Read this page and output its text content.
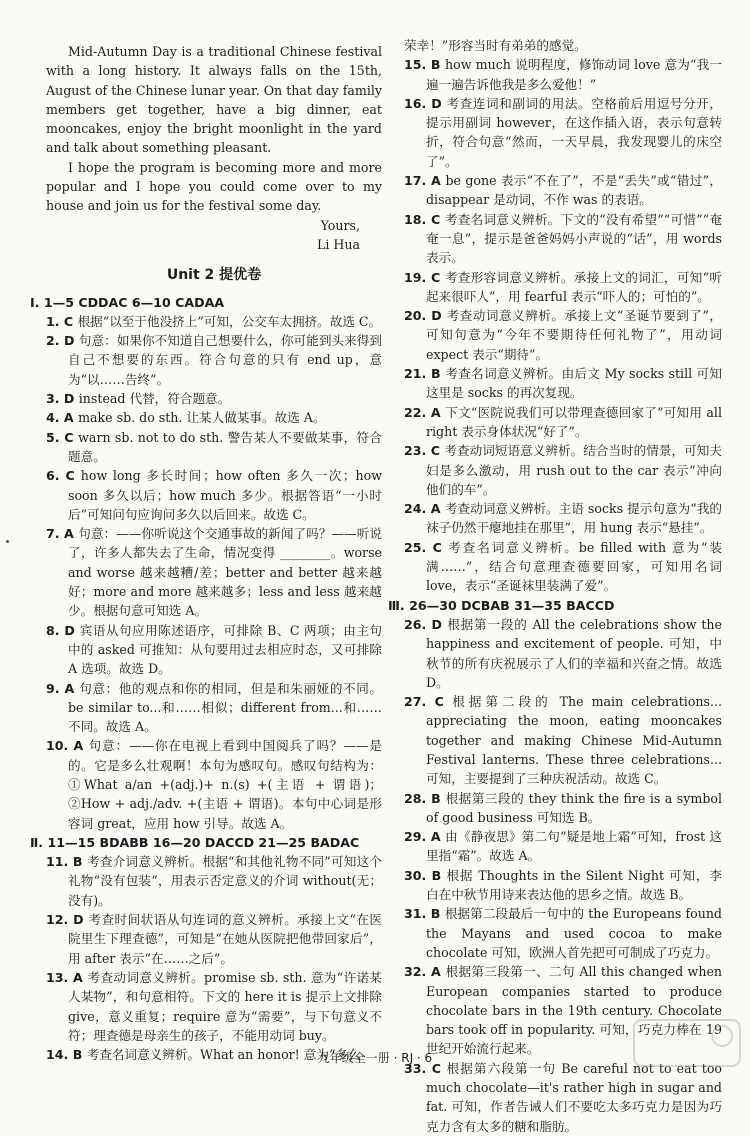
Mid-Autumn Day is a traditional Chinese festival with a long history. It always falls on the 15th, August of the Chinese lunar year. On that day family members get together, have a big dinner, eat mooncakes, enjoy the bright moonlight in the yard and talk about something pleasant.

I hope the program is becoming more and more popular and I hope you could come over to my house and join us for the festival some day.

Yours,
Li Hua
Unit 2 提优卷
Ⅰ. 1—5 CDDAC 6—10 CADAA
1. C 根据“以至于他没挤上”可知，公交车太拥挤。故选 C。
2. D 句意：如果你不知道自己想要什么，你可能到头来得到自己不想要的东西。符合句意的只有 end up，意为“以……告终”。
3. D instead 代替，符合题意。
4. A make sb. do sth. 让某人做某事。故选 A。
5. C warn sb. not to do sth. 警告某人不要做某事，符合题意。
6. C how long 多长时间；how often 多久一次；how soon 多久以后；how much 多少。根据答语“一小时后”可知问句应询问多久以后回来。故选 C。
7. A 句意：——你听说这个交通事故的新闻了吗？——听说了，许多人都失去了生命，情况变得 ________。worse and worse 越来越糟/差；better and better 越来越好；more and more 越来越多；less and less 越来越少。根据句意可知选 A。
8. D 宾语从句应用陈述语序，可排除 B、C 两项；由主句中的 asked 可推知：从句要用过去相应时态，又可排除 A 选项。故选 D。
9. A 句意：他的观点和你的相同，但是和朱丽娅的不同。be similar to...和……相似；different from...和……不同。故选 A。
10. A 句意：——你在电视上看到中国阅兵了吗？——是的。它是多么壮观啊！本句为感叹句。感叹句结构为：①What a/an +(adj.)+ n.(s) +(主语 + 谓语)；②How + adj./adv. +(主语 + 谓语)。本句中心词是形容词 great，应用 how 引导。故选 A。
Ⅱ. 11—15 BDABB 16—20 DACCD 21—25 BADAC
11. B 考查介词意义辨析。根据“和其他礼物不同”可知这个礼物“没有包装”，用表示否定意义的介词 without(无；没有)。
12. D 考查时间状语从句连词的意义辨析。承接上文“在医院里生下理查德”，可知是“在她从医院把他带回家后”，用 after 表示“在……之后”。
13. A 考查动词意义辨析。promise sb. sth. 意为“许诺某人某物”，和句意相符。下文的 here it is 提示上文排除 give，意义重复；require 意为“需要”，与下句意义不符；理查德是母亲生的孩子，不能用动词 buy。
14. B 考查名词意义辨析。What an honor! 意为“多么
荣幸！”形容当时有弟弟的感觉。
15. B how much 说明程度，修饰动词 love 意为“我一遍一遍告诉他我是多么爱他！”
16. D 考查连词和副词的用法。空格前后用逗号分开，提示用副词 however，在这作插入语，表示句意转折，符合句意“然而，一天早晨，我发现婴儿的床空了”。
17. A be gone 表示“不在了”，不是“丢失”或“错过”，disappear 是动词，不作 was 的表语。
18. C 考查名词意义辨析。下文的“没有希望”“可惜”“奄奄一息”，提示是爸爸妈妈小声说的“话”，用 words 表示。
19. C 考查形容词意义辨析。承接上文的词汇，可知“听起来很吓人”，用 fearful 表示“吓人的；可怕的”。
20. D 考查动词意义辨析。承接上文“圣诞节要到了”，可知句意为“今年不要期待任何礼物了”，用动词 expect 表示“期待”。
21. B 考查名词意义辨析。由后文 My socks still 可知这里是 socks 的再次复现。
22. A 下文“医院说我们可以带理查德回家了”可知用 all right 表示身体状况“好了”。
23. C 考查动词短语意义辨析。结合当时的情景，可知夫妇是多么激动，用 rush out to the car 表示“冲向他们的车”。
24. A 考查动词意义辨析。主语 socks 提示句意为“我的袜子仍然干瘪地挂在那里”，用 hung 表示“悬挂”。
25. C 考查名词意义辨析。be filled with 意为“装满……”，结合句意理查德要回家，可知用名词 love，表示“圣诞袜里装满了爱”。
Ⅲ. 26—30 DCBAB 31—35 BACCD
26. D 根据第一段的 All the celebrations show the happiness and excitement of people. 可知，中秋节的所有庆祝展示了人们的幸福和兴奋之情。故选 D。
27. C 根据第二段的 The main celebrations... appreciating the moon, eating mooncakes together and making Chinese Mid-Autumn Festival lanterns. These three celebrations...可知，主要提到了三种庆祝活动。故选 C。
28. B 根据第三段的 they think the fire is a symbol of good business 可知选 B。
29. A 由《静夜思》第二句“疑是地上霜”可知，frost 这里指“霜”。故选 A。
30. B 根据 Thoughts in the Silent Night 可知，李白在中秋节用诗来表达他的思乡之情。故选 B。
31. B 根据第二段最后一句中的 the Europeans found the Mayans and used cocoa to make chocolate 可知，欧洲人首先把可可制成了巧克力。
32. A 根据第三段第一、二句 All this changed when European companies started to produce chocolate bars in the 19th century. Chocolate bars took off in popularity. 可知，巧克力棒在 19 世纪开始流行起来。
33. C 根据第六段第一句 Be careful not to eat too much chocolate—it's rather high in sugar and fat. 可知，作者告诫人们不要吃太多巧克力是因为巧克力含有太多的糖和脂肪。
九年级全一册 · RJ · 6
